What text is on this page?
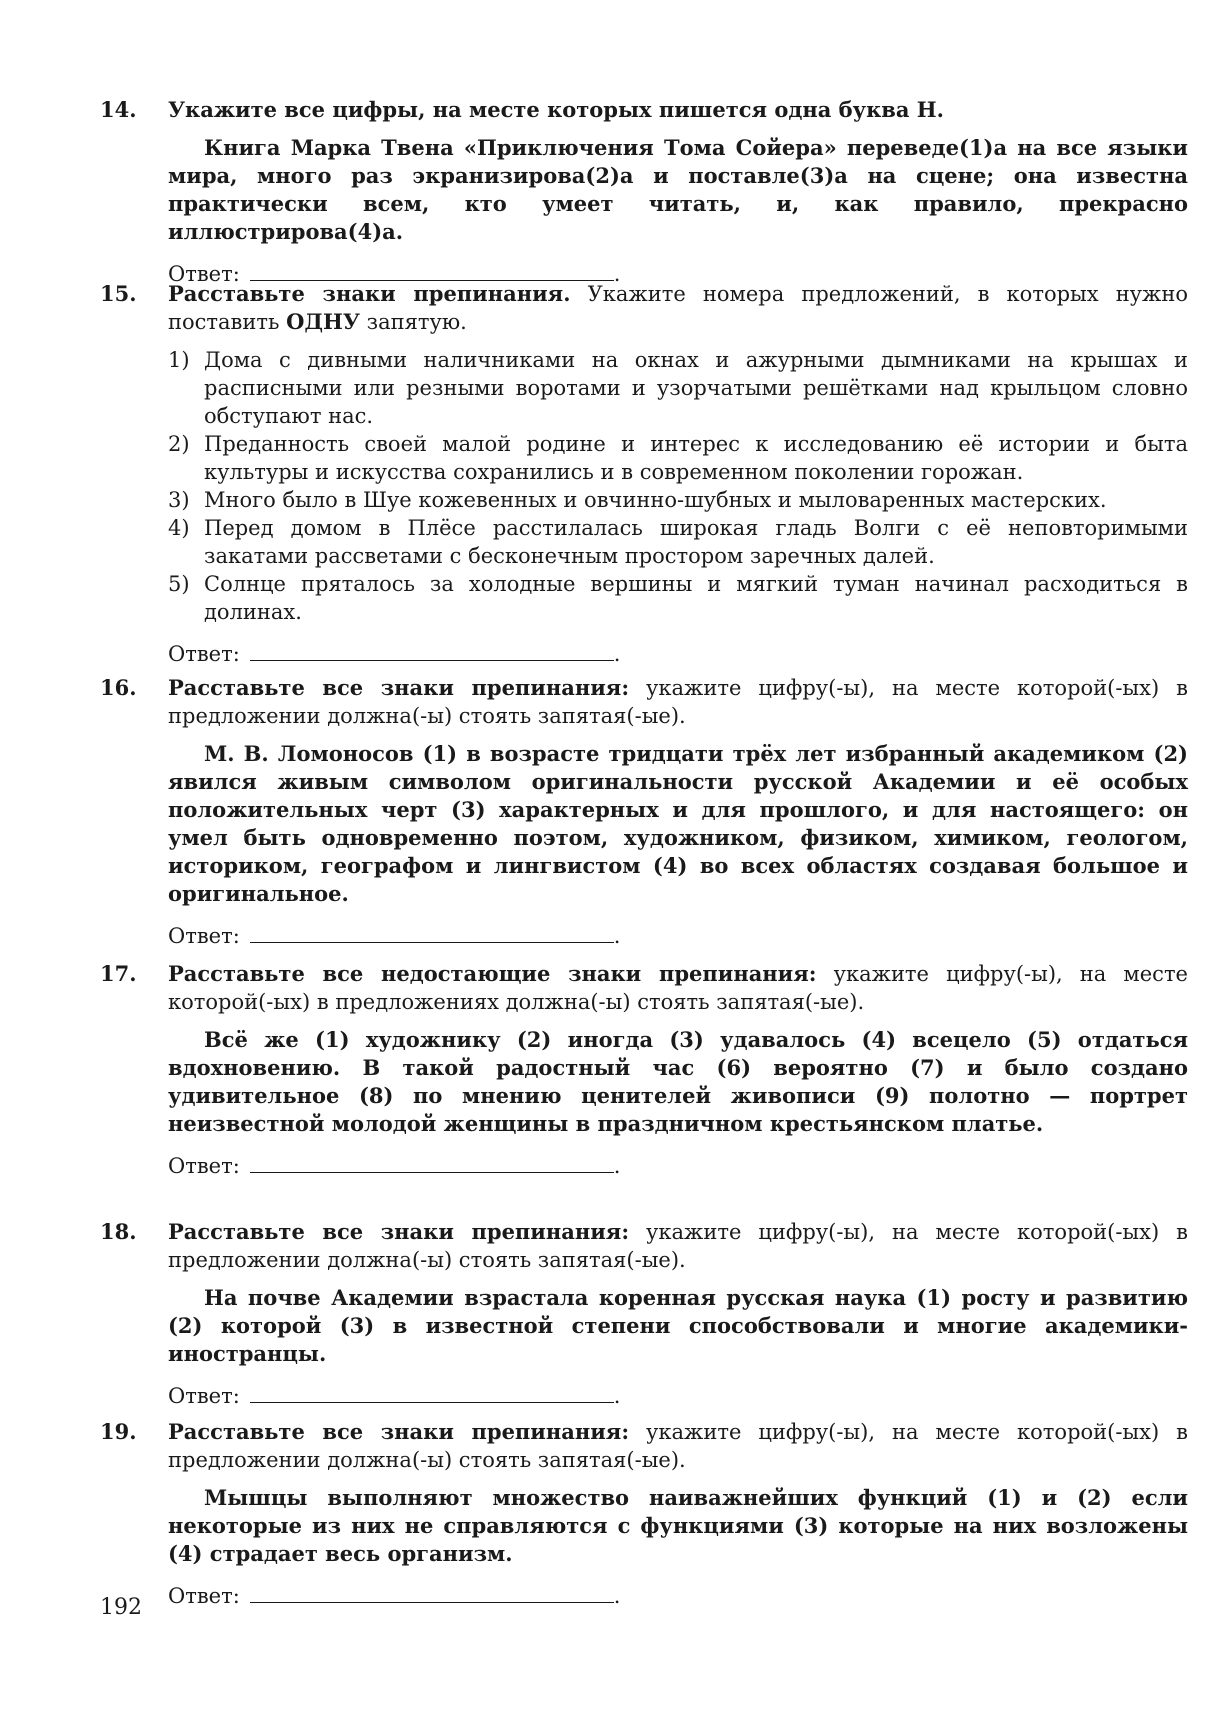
14. Укажите все цифры, на месте которых пишется одна буква Н.
Книга Марка Твена «Приключения Тома Сойера» переведе(1)а на все языки мира, много раз экранизирова(2)а и поставле(3)а на сцене; она известна практически всем, кто умеет читать, и, как правило, прекрасно иллюстрирова(4)а.
Ответ:	.
15. Расставьте знаки препинания. Укажите номера предложений, в которых нужно поставить ОДНУ запятую.
1) Дома с дивными наличниками на окнах и ажурными дымниками на крышах и расписными или резными воротами и узорчатыми решётками над крыльцом словно обступают нас.
2) Преданность своей малой родине и интерес к исследованию её истории и быта культуры и искусства сохранились и в современном поколении горожан.
3) Много было в Шуе кожевенных и овчинно-шубных и мыловаренных мастерских.
4) Перед домом в Плёсе расстилалась широкая гладь Волги с её неповторимыми закатами рассветами с бесконечным простором заречных далей.
5) Солнце пряталось за холодные вершины и мягкий туман начинал расходиться в долинах.
Ответ:	.
16. Расставьте все знаки препинания: укажите цифру(-ы), на месте которой(-ых) в предложении должна(-ы) стоять запятая(-ые).
М. В. Ломоносов (1) в возрасте тридцати трёх лет избранный академиком (2) явился живым символом оригинальности русской Академии и её особых положительных черт (3) характерных и для прошлого, и для настоящего: он умел быть одновременно поэтом, художником, физиком, химиком, геологом, историком, географом и лингвистом (4) во всех областях создавая большое и оригинальное.
Ответ:	.
17. Расставьте все недостающие знаки препинания: укажите цифру(-ы), на месте которой(-ых) в предложениях должна(-ы) стоять запятая(-ые).
Всё же (1) художнику (2) иногда (3) удавалось (4) всецело (5) отдаться вдохновению. В такой радостный час (6) вероятно (7) и было создано удивительное (8) по мнению ценителей живописи (9) полотно — портрет неизвестной молодой женщины в праздничном крестьянском платье.
Ответ:	.
18. Расставьте все знаки препинания: укажите цифру(-ы), на месте которой(-ых) в предложении должна(-ы) стоять запятая(-ые).
На почве Академии взрастала коренная русская наука (1) росту и развитию (2) которой (3) в известной степени способствовали и многие академики-иностранцы.
Ответ:	.
19. Расставьте все знаки препинания: укажите цифру(-ы), на месте которой(-ых) в предложении должна(-ы) стоять запятая(-ые).
Мышцы выполняют множество наиважнейших функций (1) и (2) если некоторые из них не справляются с функциями (3) которые на них возложены (4) страдает весь организм.
Ответ:	.
192
